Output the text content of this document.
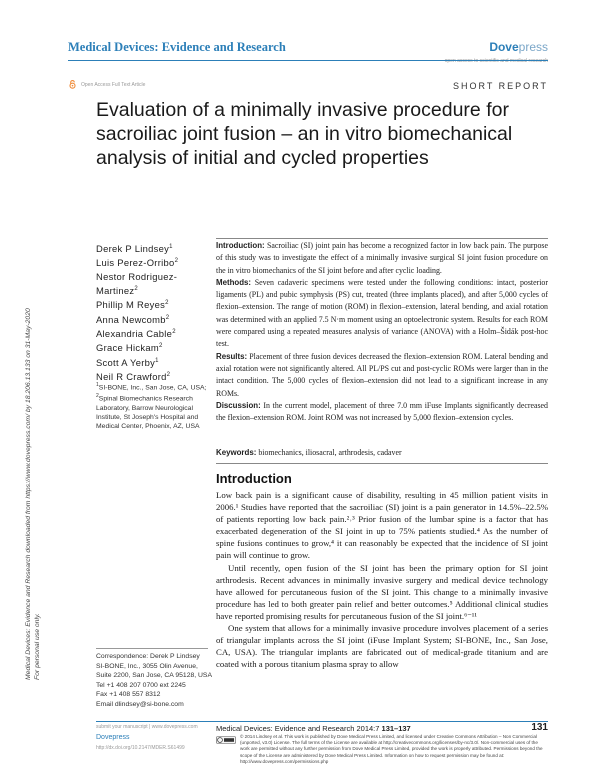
Medical Devices: Evidence and Research	Dovepress
open access to scientific and medical research
Open Access Full Text Article	SHORT REPORT
Evaluation of a minimally invasive procedure for sacroiliac joint fusion – an in vitro biomechanical analysis of initial and cycled properties
Medical Devices: Evidence and Research downloaded from https://www.dovepress.com/ by 18.206.13.133 on 31-May-2020 For personal use only.
Derek P Lindsey$^1$
Luis Perez-Orribo$^2$
Nestor Rodriguez-Martinez$^2$
Phillip M Reyes$^2$
Anna Newcomb$^2$
Alexandria Cable$^2$
Grace Hickam$^2$
Scott A Yerby$^1$
Neil R Crawford$^2$
$^1$SI-BONE, Inc., San Jose, CA, USA;
$^2$Spinal Biomechanics Research Laboratory, Barrow Neurological Institute, St Joseph's Hospital and Medical Center, Phoenix, AZ, USA

Introduction: Sacroiliac (SI) joint pain has become a recognized factor in low back pain. The purpose of this study was to investigate the effect of a minimally invasive surgical SI joint fusion procedure on the in vitro biomechanics of the SI joint before and after cyclic loading.

Methods: Seven cadaveric specimens were tested under the following conditions: intact, posterior ligaments (PL) and pubic symphysis (PS) cut, treated (three implants placed), and after 5,000 cycles of flexion–extension. The range of motion (ROM) in flexion–extension, lateral bending, and axial rotation was determined with an applied 7.5 N·m moment using an optoelectronic system. Results for each ROM were compared using a repeated measures analysis of variance (ANOVA) with a Holm–Šidák post-hoc test.

Results: Placement of three fusion devices decreased the flexion–extension ROM. Lateral bending and axial rotation were not significantly altered. All PL/PS cut and post-cyclic ROMs were larger than in the intact condition. The 5,000 cycles of flexion–extension did not lead to a significant increase in any ROMs.

Discussion: In the current model, placement of three 7.0 mm iFuse Implants significantly decreased the flexion–extension ROM. Joint ROM was not increased by 5,000 flexion–extension cycles.

Keywords: biomechanics, iliosacral, arthrodesis, cadaver
Introduction

Low back pain is a significant cause of disability, resulting in 45 million patient visits in 2006.¹ Studies have reported that the sacroiliac (SI) joint is a pain generator in 14.5%–22.5% of patients reporting low back pain.²˒³ Prior fusion of the lumbar spine is a factor that has exacerbated degeneration of the SI joint in up to 75% patients studied.⁴ As the number of spine fusions continues to grow,⁴ it can reasonably be expected that the incidence of SI joint pain will continue to grow.

Until recently, open fusion of the SI joint has been the primary option for SI joint arthrodesis. Recent advances in minimally invasive surgery and medical device technology have allowed for percutaneous fusion of the SI joint. This change to a minimally invasive procedure has led to both greater pain relief and better outcomes.⁵ Additional clinical studies have reported promising results for percutaneous fusion of the SI joint.⁶⁻¹¹

One system that allows for a minimally invasive procedure involves placement of a series of triangular implants across the SI joint (iFuse Implant System; SI-BONE, Inc., San Jose, CA, USA). The triangular implants are fabricated out of medical-grade titanium and are coated with a porous titanium plasma spray to allow

Correspondence: Derek P Lindsey
SI-BONE, Inc., 3055 Olin Avenue,
Suite 2200, San Jose, CA 95128, USA
Tel +1 408 207 0700 ext 2245
Fax +1 408 557 8312
Email dlindsey@si-bone.com
submit your manuscript | www.dovepress.com
Dovepress
http://dx.doi.org/10.2147/MDER.S61499
Medical Devices: Evidence and Research 2014:7 131–137	131
© 2014 Lindsey et al. This work is published by Dove Medical Press Limited, and licensed under Creative Commons Attribution – Non Commercial (unported, v3.0) License. The full terms of the License are available at http://creativecommons.org/licenses/by-nc/3.0/. Non-commercial uses of the work are permitted without any further permission from Dove Medical Press Limited, provided the work is properly attributed. Permissions beyond the scope of the License are administered by Dove Medical Press Limited. Information on how to request permission may be found at: http://www.dovepress.com/permissions.php
